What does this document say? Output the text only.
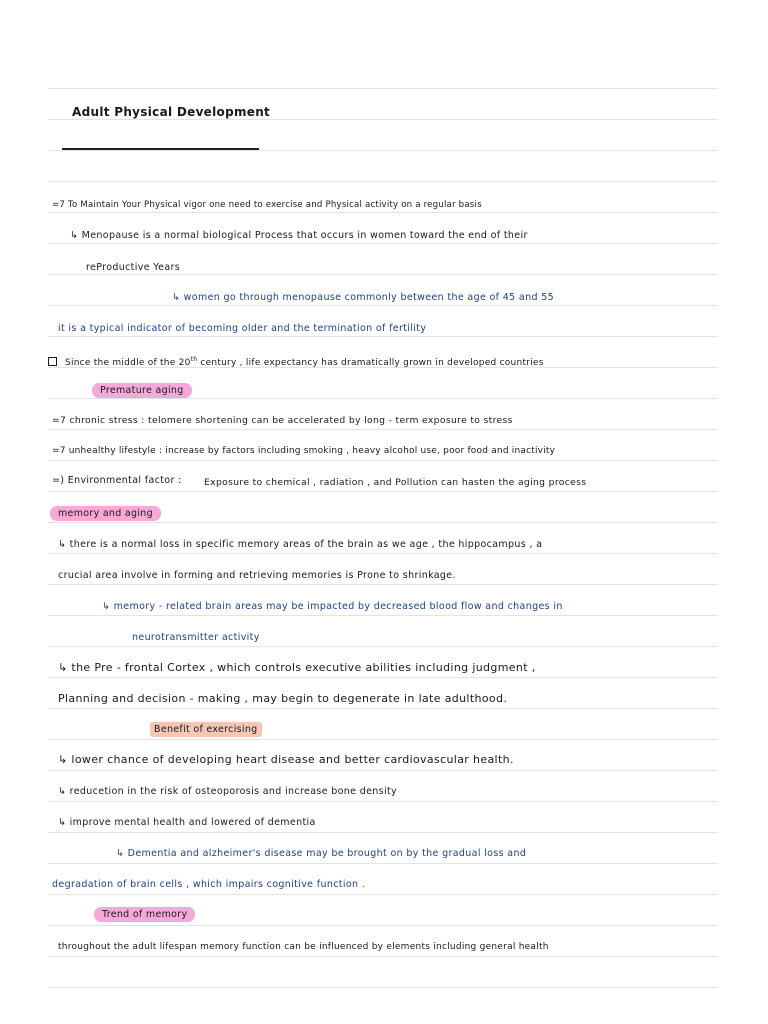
Adult Physical Development
=7 To Maintain Your Physical vigor one need to exercise and Physical activity on a regular basis
↳ Menopause is a normal biological Process that occurs in women toward the end of their
reProductive Years
↳ women go through menopause commonly between the age of 45 and 55
it is a typical indicator of becoming older and the termination of fertility
Since the middle of the 20th century , life expectancy has dramatically grown in developed countries
Premature aging
=7 chronic stress : telomere shortening can be accelerated by long - term exposure to stress
=7 unhealthy lifestyle : increase by factors including smoking , heavy alcohol use, poor food and inactivity
=) Environmental factor : Exposure to chemical , radiation , and Pollution can hasten the aging process
memory and aging
↳ there is a normal loss in specific memory areas of the brain as we age , the hippocampus , a
crucial area involve in forming and retrieving memories is Prone to shrinkage.
↳ memory - related brain areas may be impacted by decreased blood flow and changes in
neurotransmitter activity
↳ the Pre - frontal Cortex , which controls executive abilities including judgment ,
Planning and decision - making , may begin to degenerate in late adulthood.
Benefit of exercising
↳ lower chance of developing heart disease and better cardiovascular health.
↳ reducetion in the risk of osteoporosis and increase bone density
↳ improve mental health and lowered of dementia
↳ Dementia and alzheimer's disease may be brought on by the gradual loss and
degradation of brain cells , which impairs cognitive function .
Trend of memory
throughout the adult lifespan memory function can be influenced by elements including general health
